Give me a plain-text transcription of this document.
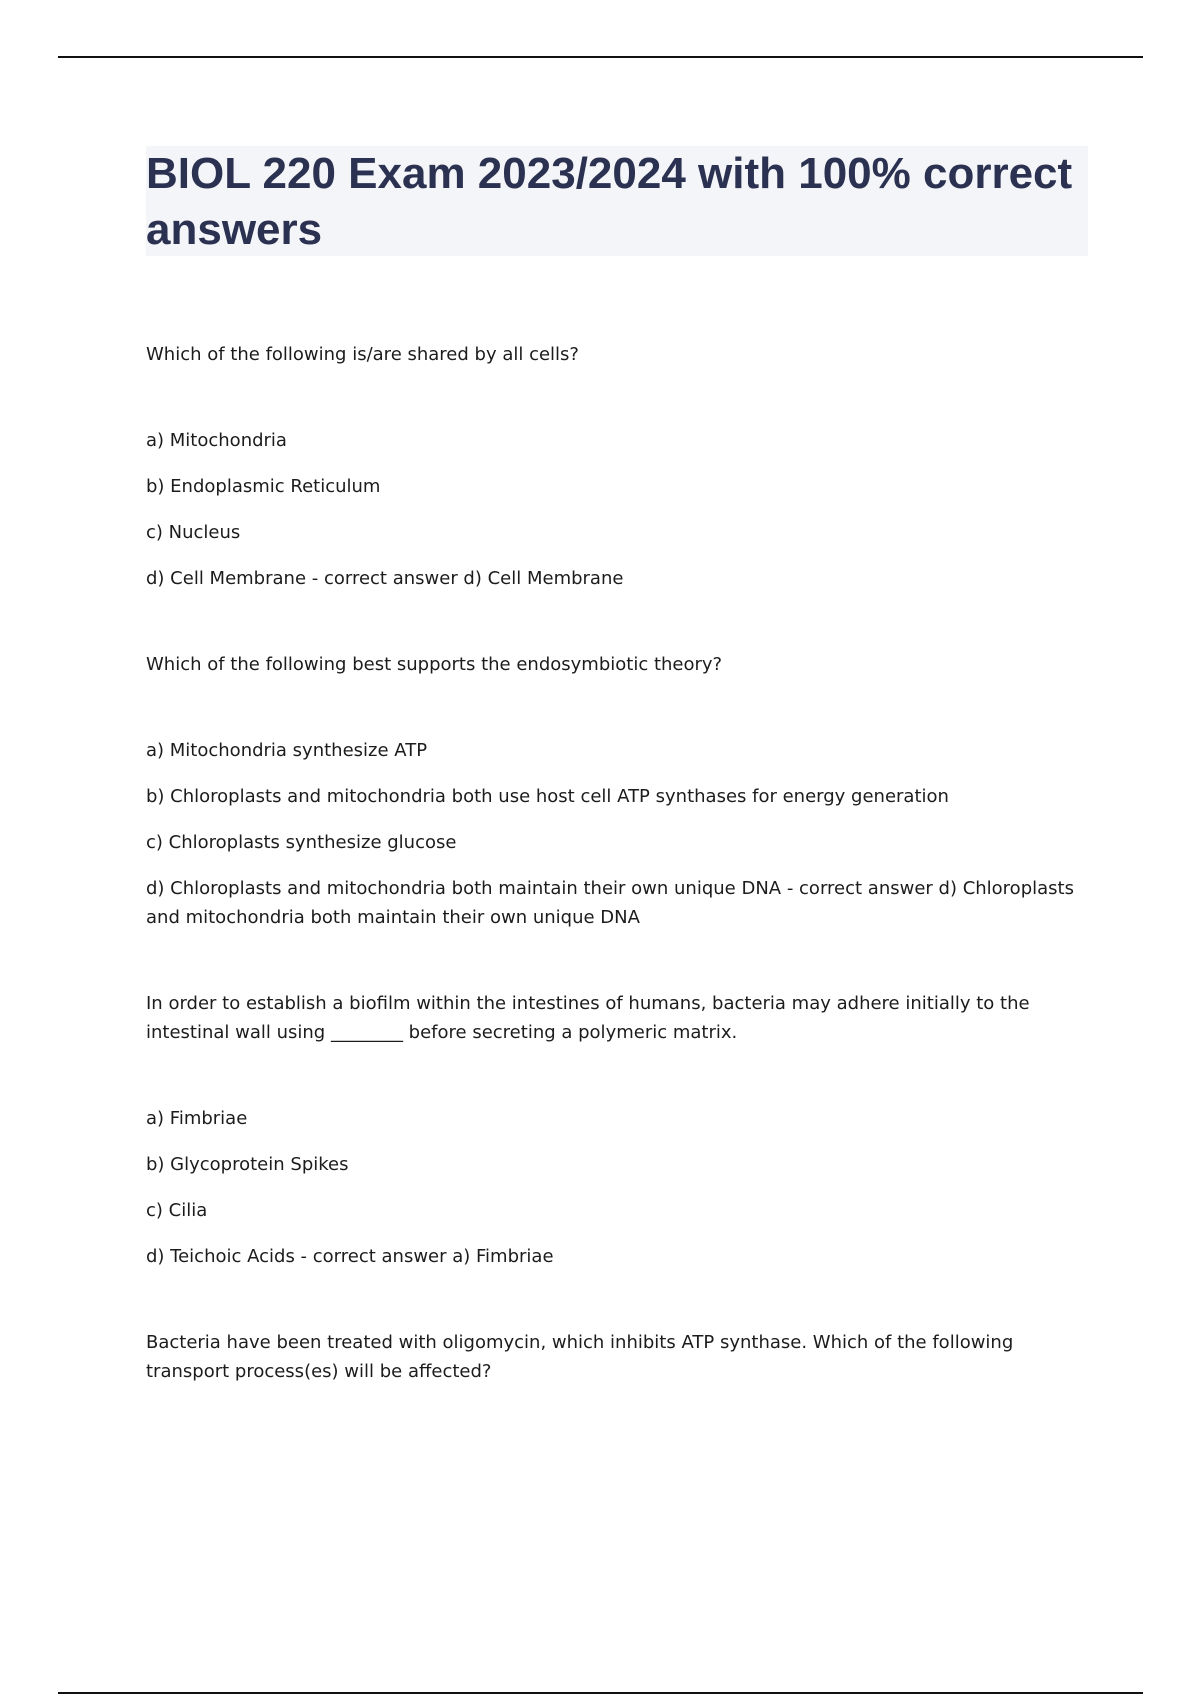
BIOL 220 Exam 2023/2024 with 100% correct answers

Which of the following is/are shared by all cells?

a) Mitochondria

b) Endoplasmic Reticulum

c) Nucleus

d) Cell Membrane - correct answer d) Cell Membrane

Which of the following best supports the endosymbiotic theory?

a) Mitochondria synthesize ATP

b) Chloroplasts and mitochondria both use host cell ATP synthases for energy generation

c) Chloroplasts synthesize glucose

d) Chloroplasts and mitochondria both maintain their own unique DNA - correct answer d) Chloroplasts and mitochondria both maintain their own unique DNA

In order to establish a biofilm within the intestines of humans, bacteria may adhere initially to the intestinal wall using ________ before secreting a polymeric matrix.

a) Fimbriae

b) Glycoprotein Spikes

c) Cilia

d) Teichoic Acids - correct answer a) Fimbriae

Bacteria have been treated with oligomycin, which inhibits ATP synthase. Which of the following transport process(es) will be affected?
